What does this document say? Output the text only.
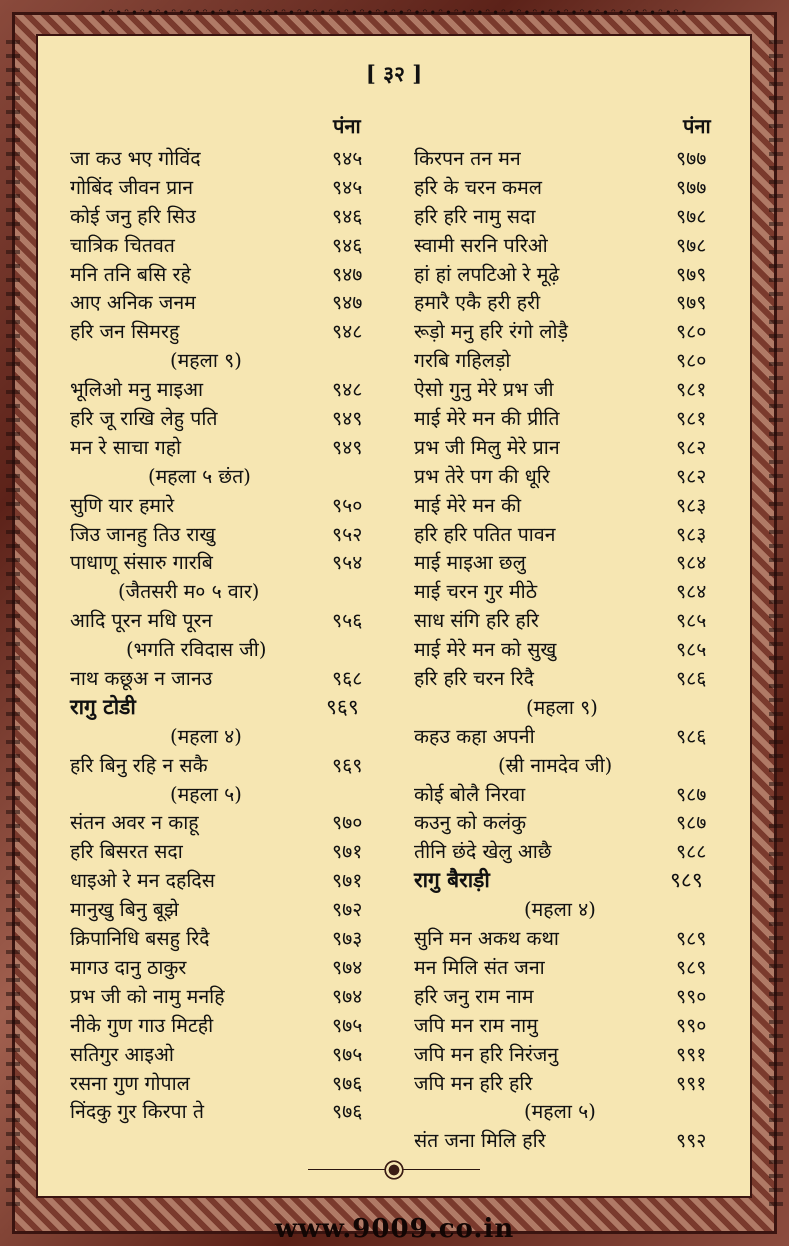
•ᵔ•ᵔ•ᵔ•ᵔ•ᵔ•ᵔ•ᵔ•ᵔ•ᵔ•ᵔ•ᵔ•ᵔ•ᵔ•ᵔ•ᵔ•ᵔ•ᵔ•ᵔ•ᵔ•ᵔ•ᵔ•ᵔ•ᵔ•ᵔ•ᵔ•ᵔ•ᵔ•ᵔ•ᵔ•ᵔ•ᵔ•ᵔ•ᵔ•ᵔ•ᵔ•ᵔ•ᵔ•
[ ३२ ]
पंना	पंना
जा कउ भए गोविंद	९४५
गोबिंद जीवन प्रान	९४५
कोई जनु हरि सिउ	९४६
चात्रिक चितवत	९४६
मनि तनि बसि रहे	९४७
आए अनिक जनम	९४७
हरि जन सिमरहु	९४८
(महला ९)
भूलिओ मनु माइआ	९४८
हरि जू राखि लेहु पति	९४९
मन रे साचा गहो	९४९
(महला ५ छंत)
सुणि यार हमारे	९५०
जिउ जानहु तिउ राखु	९५२
पाधाणू संसारु गारबि	९५४
(जैतसरी म० ५ वार)
आदि पूरन मधि पूरन	९५६
(भगति रविदास जी)
नाथ कछूअ न जानउ	९६८
रागु टोडी	९६९
(महला ४)
हरि बिनु रहि न सकै	९६९
(महला ५)
संतन अवर न काहू	९७०
हरि बिसरत सदा	९७१
धाइओ रे मन दहदिस	९७१
मानुखु बिनु बूझे	९७२
क्रिपानिधि बसहु रिदै	९७३
मागउ दानु ठाकुर	९७४
प्रभ जी को नामु मनहि	९७४
नीके गुण गाउ मिटही	९७५
सतिगुर आइओ	९७५
रसना गुण गोपाल	९७६
निंदकु गुर किरपा ते	९७६
किरपन तन मन	९७७
हरि के चरन कमल	९७७
हरि हरि नामु सदा	९७८
स्वामी सरनि परिओ	९७८
हां हां लपटिओ रे मूढ़े	९७९
हमारै एकै हरी हरी	९७९
रूड़ो मनु हरि रंगो लोड़ै	९८०
गरबि गहिलड़ो	९८०
ऐसो गुनु मेरे प्रभ जी	९८१
माई मेरे मन की प्रीति	९८१
प्रभ जी मिलु मेरे प्रान	९८२
प्रभ तेरे पग की धूरि	९८२
माई मेरे मन की	९८३
हरि हरि पतित पावन	९८३
माई माइआ छलु	९८४
माई चरन गुर मीठे	९८४
साध संगि हरि हरि	९८५
माई मेरे मन को सुखु	९८५
हरि हरि चरन रिदै	९८६
(महला ९)
कहउ कहा अपनी	९८६
(स्री नामदेव जी)
कोई बोलै निरवा	९८७
कउनु को कलंकु	९८७
तीनि छंदे खेलु आछै	९८८
रागु बैराड़ी	९८९
(महला ४)
सुनि मन अकथ कथा	९८९
मन मिलि संत जना	९८९
हरि जनु राम नाम	९९०
जपि मन राम नामु	९९०
जपि मन हरि निरंजनु	९९१
जपि मन हरि हरि	९९१
(महला ५)
संत जना मिलि हरि	९९२
www.9009.co.in
